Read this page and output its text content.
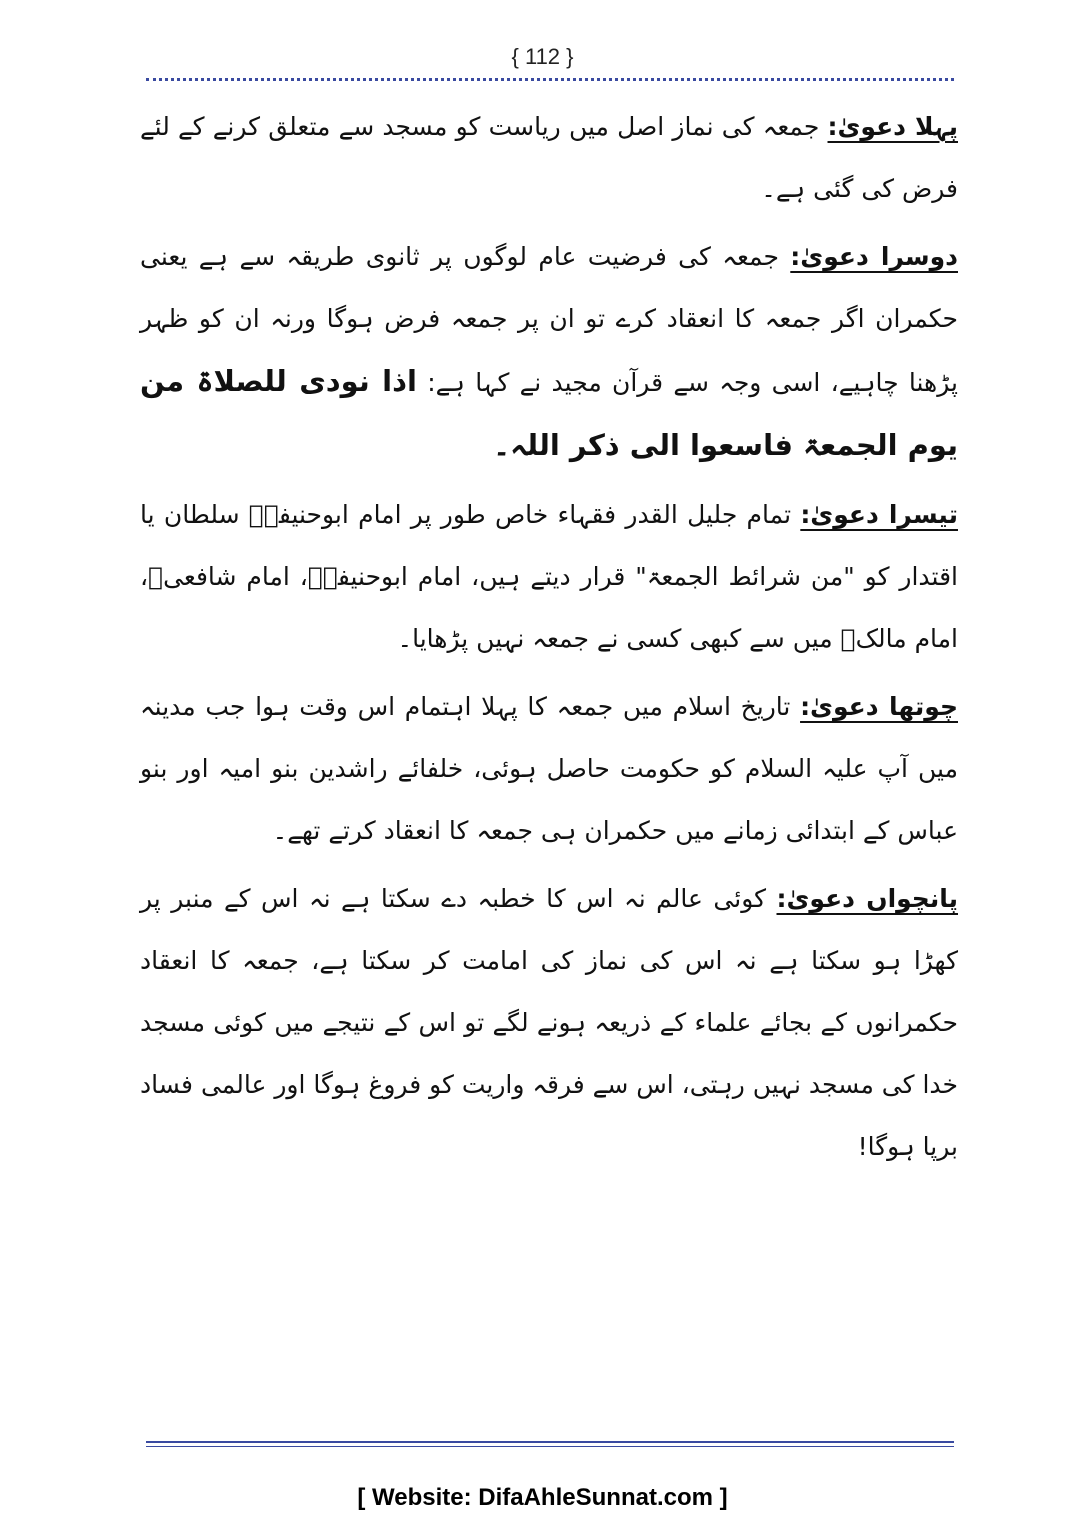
{ 112 }

پہلا دعویٰ: جمعہ کی نماز اصل میں ریاست کو مسجد سے متعلق کرنے کے لئے فرض کی گئی ہے۔

دوسرا دعویٰ: جمعہ کی فرضیت عام لوگوں پر ثانوی طریقہ سے ہے یعنی حکمران اگر جمعہ کا انعقاد کرے تو ان پر جمعہ فرض ہوگا ورنہ ان کو ظہر پڑھنا چاہیے، اسی وجہ سے قرآن مجید نے کہا ہے: اذا نودی للصلاۃ من یوم الجمعۃ فاسعوا الی ذکر اللہ۔

تیسرا دعویٰ: تمام جلیل القدر فقہاء خاص طور پر امام ابوحنیفہؒ سلطان یا اقتدار کو "من شرائط الجمعۃ" قرار دیتے ہیں، امام ابوحنیفہؒ، امام شافعیؒ، امام مالکؒ میں سے کبھی کسی نے جمعہ نہیں پڑھایا۔

چوتھا دعویٰ: تاریخ اسلام میں جمعہ کا پہلا اہتمام اس وقت ہوا جب مدینہ میں آپ علیہ السلام کو حکومت حاصل ہوئی، خلفائے راشدین بنو امیہ اور بنو عباس کے ابتدائی زمانے میں حکمران ہی جمعہ کا انعقاد کرتے تھے۔

پانچواں دعویٰ: کوئی عالم نہ اس کا خطبہ دے سکتا ہے نہ اس کے منبر پر کھڑا ہو سکتا ہے نہ اس کی نماز کی امامت کر سکتا ہے، جمعہ کا انعقاد حکمرانوں کے بجائے علماء کے ذریعہ ہونے لگے تو اس کے نتیجے میں کوئی مسجد خدا کی مسجد نہیں رہتی، اس سے فرقہ واریت کو فروغ ہوگا اور عالمی فساد برپا ہوگا!

[ Website: DifaAhleSunnat.com ]
